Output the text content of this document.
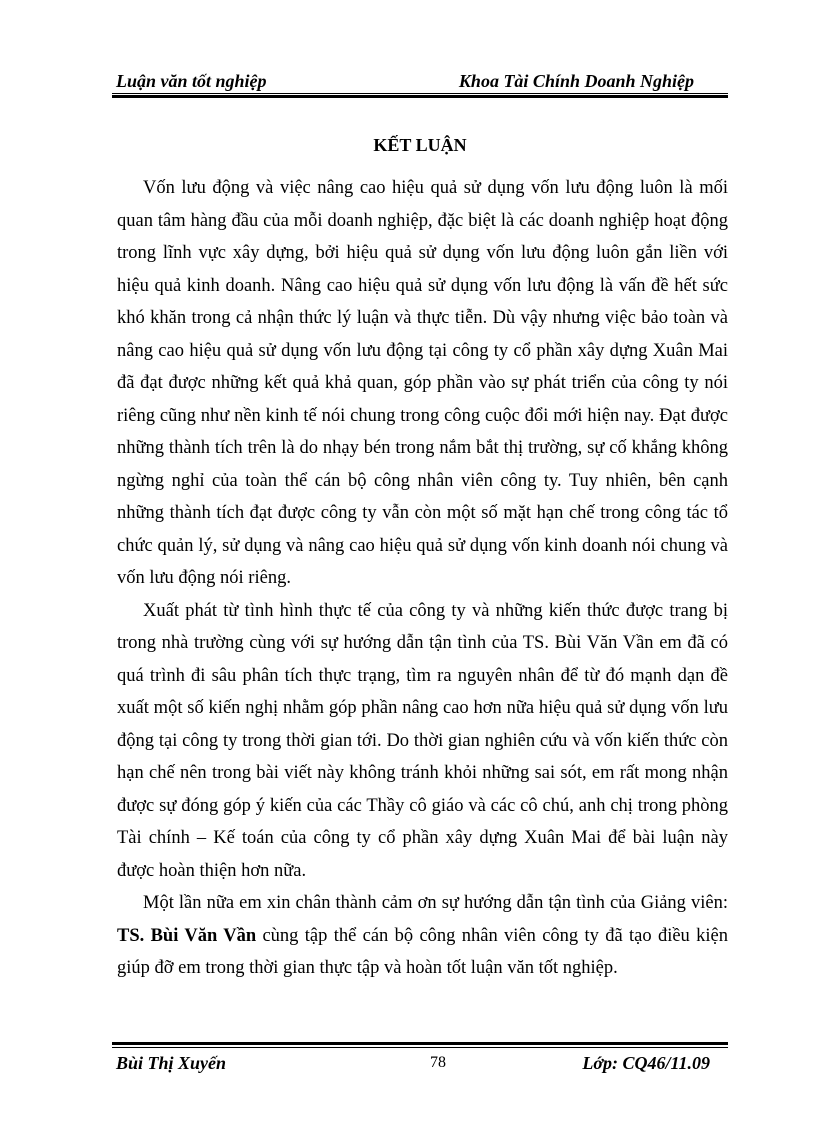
Luận văn tốt nghiệp	Khoa Tài Chính Doanh Nghiệp
KẾT LUẬN

Vốn lưu động và việc nâng cao hiệu quả sử dụng vốn lưu động luôn là mối quan tâm hàng đầu của mỗi doanh nghiệp, đặc biệt là các doanh nghiệp hoạt động trong lĩnh vực xây dựng, bởi hiệu quả sử dụng vốn lưu động luôn gắn liền với hiệu quả kinh doanh. Nâng cao hiệu quả sử dụng vốn lưu động là vấn đề hết sức khó khăn trong cả nhận thức lý luận và thực tiễn. Dù vậy nhưng việc bảo toàn và nâng cao hiệu quả sử dụng vốn lưu động tại công ty cổ phần xây dựng Xuân Mai đã đạt được những kết quả khả quan, góp phần vào sự phát triển của công ty nói riêng cũng như nền kinh tế nói chung trong công cuộc đổi mới hiện nay. Đạt được những thành tích trên là do nhạy bén trong nắm bắt thị trường, sự cố khắng không ngừng nghỉ của toàn thể cán bộ công nhân viên công ty. Tuy nhiên, bên cạnh những thành tích đạt được công ty vẫn còn một số mặt hạn chế trong công tác tổ chức quản lý, sử dụng và nâng cao hiệu quả sử dụng vốn kinh doanh nói chung và vốn lưu động nói riêng.

Xuất phát từ tình hình thực tế của công ty và những kiến thức được trang bị trong nhà trường cùng với sự hướng dẫn tận tình của TS. Bùi Văn Vần em đã có quá trình đi sâu phân tích thực trạng, tìm ra nguyên nhân để từ đó mạnh dạn đề xuất một số kiến nghị nhằm góp phần nâng cao hơn nữa hiệu quả sử dụng vốn lưu động tại công ty trong thời gian tới. Do thời gian nghiên cứu và vốn kiến thức còn hạn chế nên trong bài viết này không tránh khỏi những sai sót, em rất mong nhận được sự đóng góp ý kiến của các Thầy cô giáo và các cô chú, anh chị trong phòng Tài chính – Kế toán của công ty cổ phần xây dựng Xuân Mai để bài luận này được hoàn thiện hơn nữa.

Một lần nữa em xin chân thành cảm ơn sự hướng dẫn tận tình của Giảng viên: TS. Bùi Văn Vần cùng tập thể cán bộ công nhân viên công ty đã tạo điều kiện giúp đỡ em trong thời gian thực tập và hoàn tốt luận văn tốt nghiệp.

Bùi Thị Xuyến	78	Lớp: CQ46/11.09
